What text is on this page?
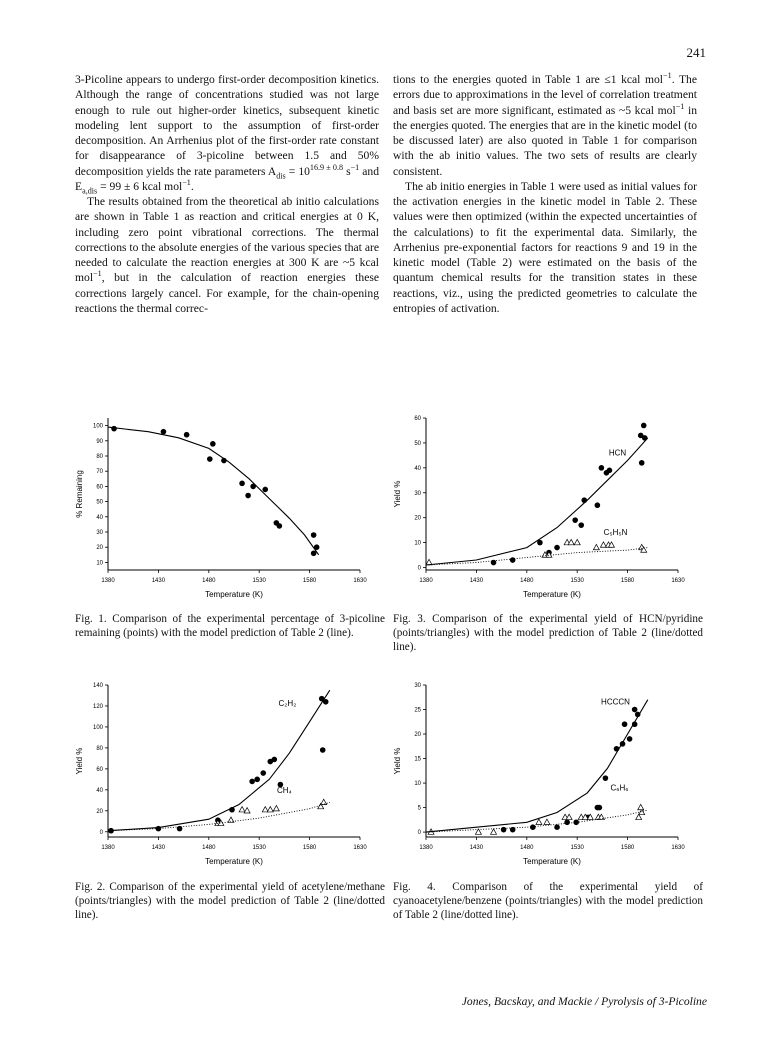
241

3-Picoline appears to undergo first-order decomposition kinetics. Although the range of concentrations studied was not large enough to rule out higher-order kinetics, subsequent kinetic modeling lent support to the assumption of first-order decomposition. An Arrhenius plot of the first-order rate constant for disappearance of 3-picoline between 1.5 and 50% decomposition yields the rate parameters $A_{dis} = 10^{16.9 \pm 0.8}$ $s^{-1}$ and $E_{a,dis} = 99 \pm 6$ kcal mol$^{-1}$.

The results obtained from the theoretical ab initio calculations are shown in Table 1 as reaction and critical energies at 0 K, including zero point vibrational corrections. The thermal corrections to the absolute energies of the various species that are needed to calculate the reaction energies at 300 K are ~5 kcal mol$^{-1}$, but in the calculation of reaction energies these corrections largely cancel. For example, for the chain-opening reactions the thermal correc-

tions to the energies quoted in Table 1 are ≤1 kcal mol$^{-1}$. The errors due to approximations in the level of correlation treatment and basis set are more significant, estimated as ~5 kcal mol$^{-1}$ in the energies quoted. The energies that are in the kinetic model (to be discussed later) are also quoted in Table 1 for comparison with the ab initio values. The two sets of results are clearly consistent.

The ab initio energies in Table 1 were used as initial values for the activation energies in the kinetic model in Table 2. These values were then optimized (within the expected uncertainties of the calculations) to fit the experimental data. Similarly, the Arrhenius pre-exponential factors for reactions 9 and 19 in the kinetic model (Table 2) were estimated on the basis of the quantum chemical results for the transition states in these reactions, viz., using the predicted geometries to calculate the entropies of activation.

1380	1430	1480	1530	1580	1630
10
20
30
40
50
60
70
80
90
100
Temperature (K)
% Remaining
Fig. 1. Comparison of the experimental percentage of 3-picoline remaining (points) with the model prediction of Table 2 (line).
1380	1430	1480	1530	1580	1630
0
20
40
60
80
100
120
140
Temperature (K)
Yield %
C₂H₂
CH₄
Fig. 2. Comparison of the experimental yield of acetylene/methane (points/triangles) with the model prediction of Table 2 (line/dotted line).
1380	1430	1480	1530	1580	1630
0
10
20
30
40
50
60
Temperature (K)
Yield %
HCN
C₅H₅N
Fig. 3. Comparison of the experimental yield of HCN/pyridine (points/triangles) with the model prediction of Table 2 (line/dotted line).
1380	1430	1480	1530	1580	1630
0
5
10
15
20
25
30
Temperature (K)
Yield %
HCCCN
C₆H₆
Fig. 4. Comparison of the experimental yield of cyanoacetylene/benzene (points/triangles) with the model prediction of Table 2 (line/dotted line).
Jones, Bacskay, and Mackie / Pyrolysis of 3-Picoline
